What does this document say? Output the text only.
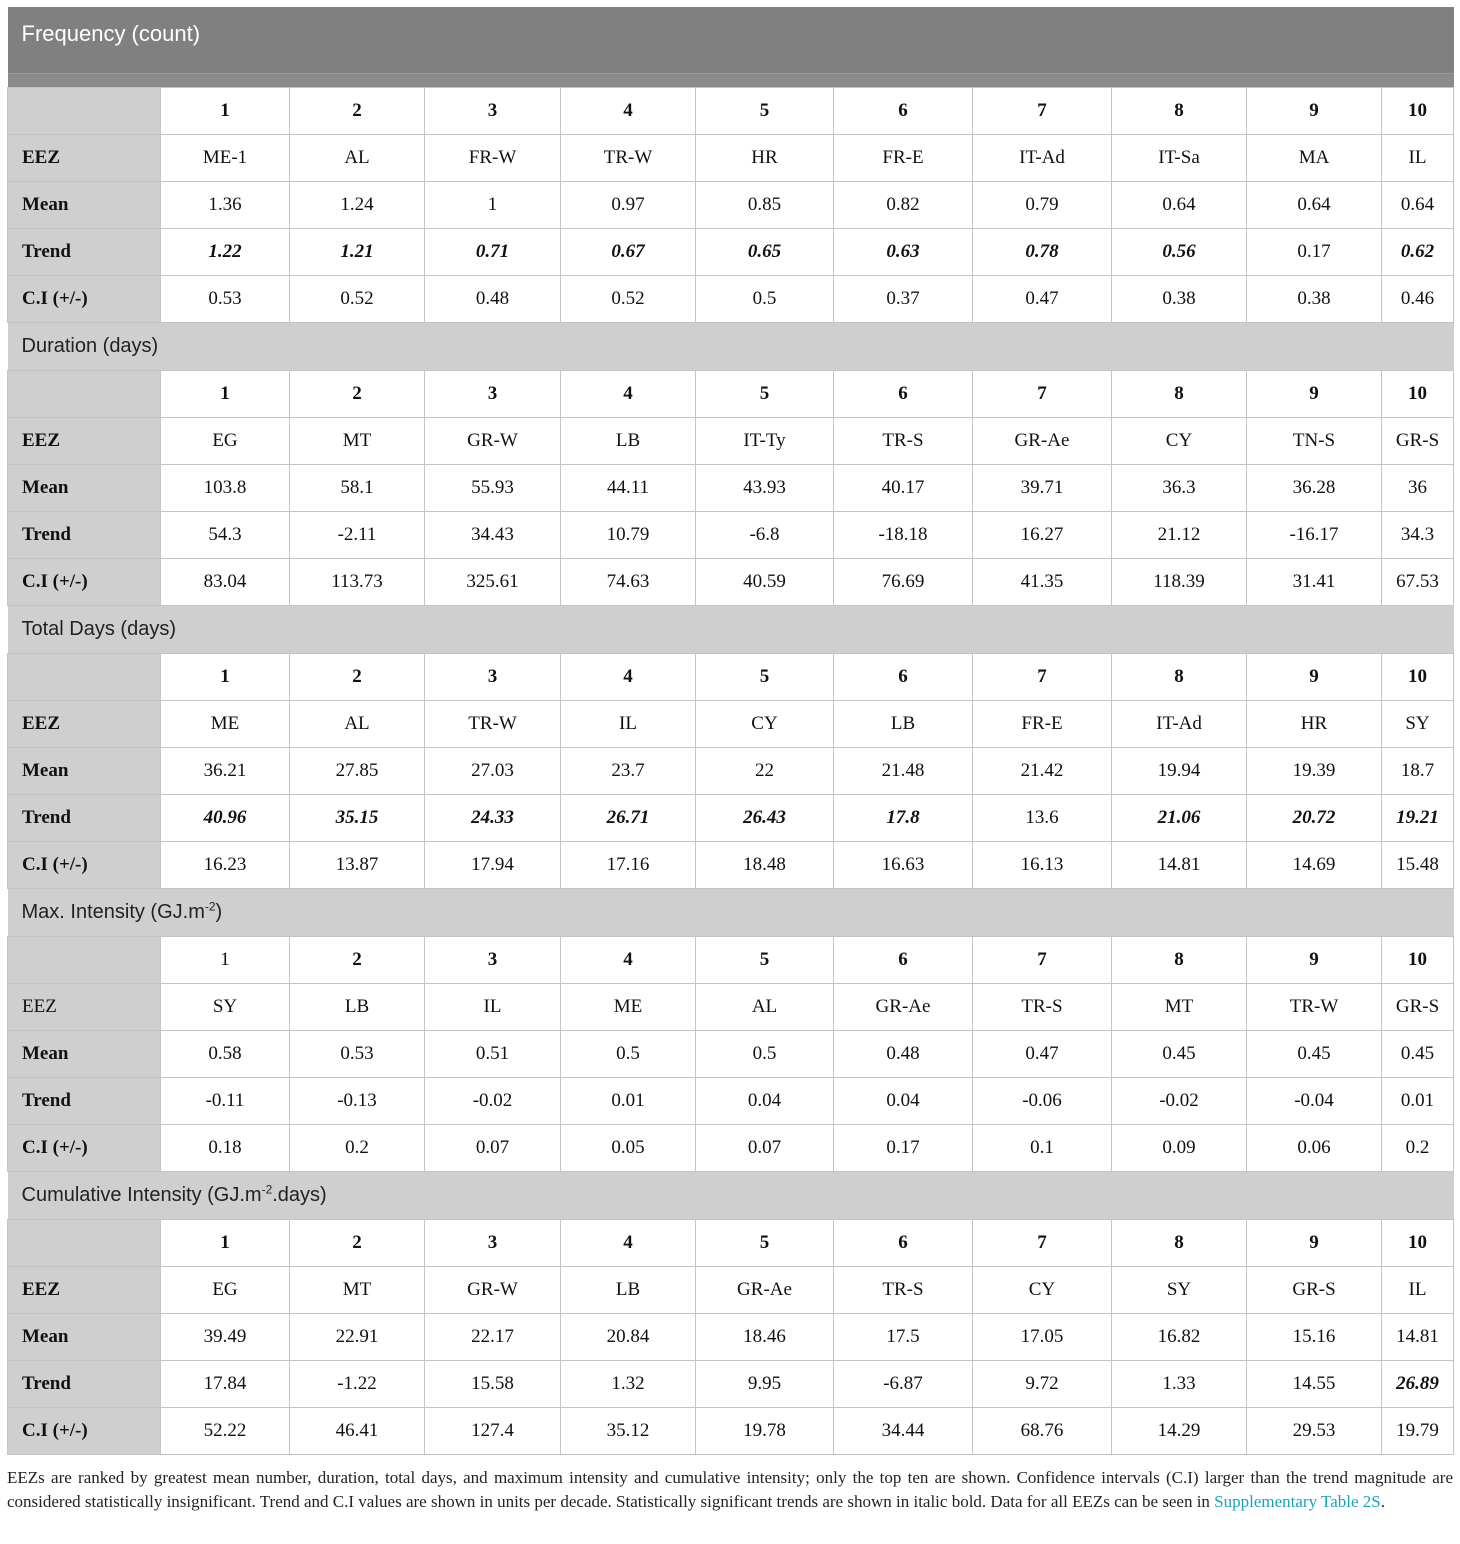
Frequency (count)										

	1	2	3	4	5	6	7	8	9	10
EEZ	ME-1	AL	FR-W	TR-W	HR	FR-E	IT-Ad	IT-Sa	MA	IL
Mean	1.36	1.24	1	0.97	0.85	0.82	0.79	0.64	0.64	0.64
Trend	1.22	1.21	0.71	0.67	0.65	0.63	0.78	0.56	0.17	0.62
C.I (+/-)	0.53	0.52	0.48	0.52	0.5	0.37	0.47	0.38	0.38	0.46
Duration (days)										
	1	2	3	4	5	6	7	8	9	10
EEZ	EG	MT	GR-W	LB	IT-Ty	TR-S	GR-Ae	CY	TN-S	GR-S
Mean	103.8	58.1	55.93	44.11	43.93	40.17	39.71	36.3	36.28	36
Trend	54.3	-2.11	34.43	10.79	-6.8	-18.18	16.27	21.12	-16.17	34.3
C.I (+/-)	83.04	113.73	325.61	74.63	40.59	76.69	41.35	118.39	31.41	67.53
Total Days (days)										
	1	2	3	4	5	6	7	8	9	10
EEZ	ME	AL	TR-W	IL	CY	LB	FR-E	IT-Ad	HR	SY
Mean	36.21	27.85	27.03	23.7	22	21.48	21.42	19.94	19.39	18.7
Trend	40.96	35.15	24.33	26.71	26.43	17.8	13.6	21.06	20.72	19.21
C.I (+/-)	16.23	13.87	17.94	17.16	18.48	16.63	16.13	14.81	14.69	15.48
Max. Intensity $(GJ.m^{-2})$										
	1	2	3	4	5	6	7	8	9	10
EEZ	SY	LB	IL	ME	AL	GR-Ae	TR-S	MT	TR-W	GR-S
Mean	0.58	0.53	0.51	0.5	0.5	0.48	0.47	0.45	0.45	0.45
Trend	-0.11	-0.13	-0.02	0.01	0.04	0.04	-0.06	-0.02	-0.04	0.01
C.I (+/-)	0.18	0.2	0.07	0.05	0.07	0.17	0.1	0.09	0.06	0.2
Cumulative Intensity $(GJ.m^{-2}.days)$										
	1	2	3	4	5	6	7	8	9	10
EEZ	EG	MT	GR-W	LB	GR-Ae	TR-S	CY	SY	GR-S	IL
Mean	39.49	22.91	22.17	20.84	18.46	17.5	17.05	16.82	15.16	14.81
Trend	17.84	-1.22	15.58	1.32	9.95	-6.87	9.72	1.33	14.55	26.89
C.I (+/-)	52.22	46.41	127.4	35.12	19.78	34.44	68.76	14.29	29.53	19.79
EEZs are ranked by greatest mean number, duration, total days, and maximum intensity and cumulative intensity; only the top ten are shown. Confidence intervals (C.I) larger than the trend magnitude are considered statistically insignificant. Trend and C.I values are shown in units per decade. Statistically significant trends are shown in italic bold. Data for all EEZs can be seen in Supplementary Table 2S.
